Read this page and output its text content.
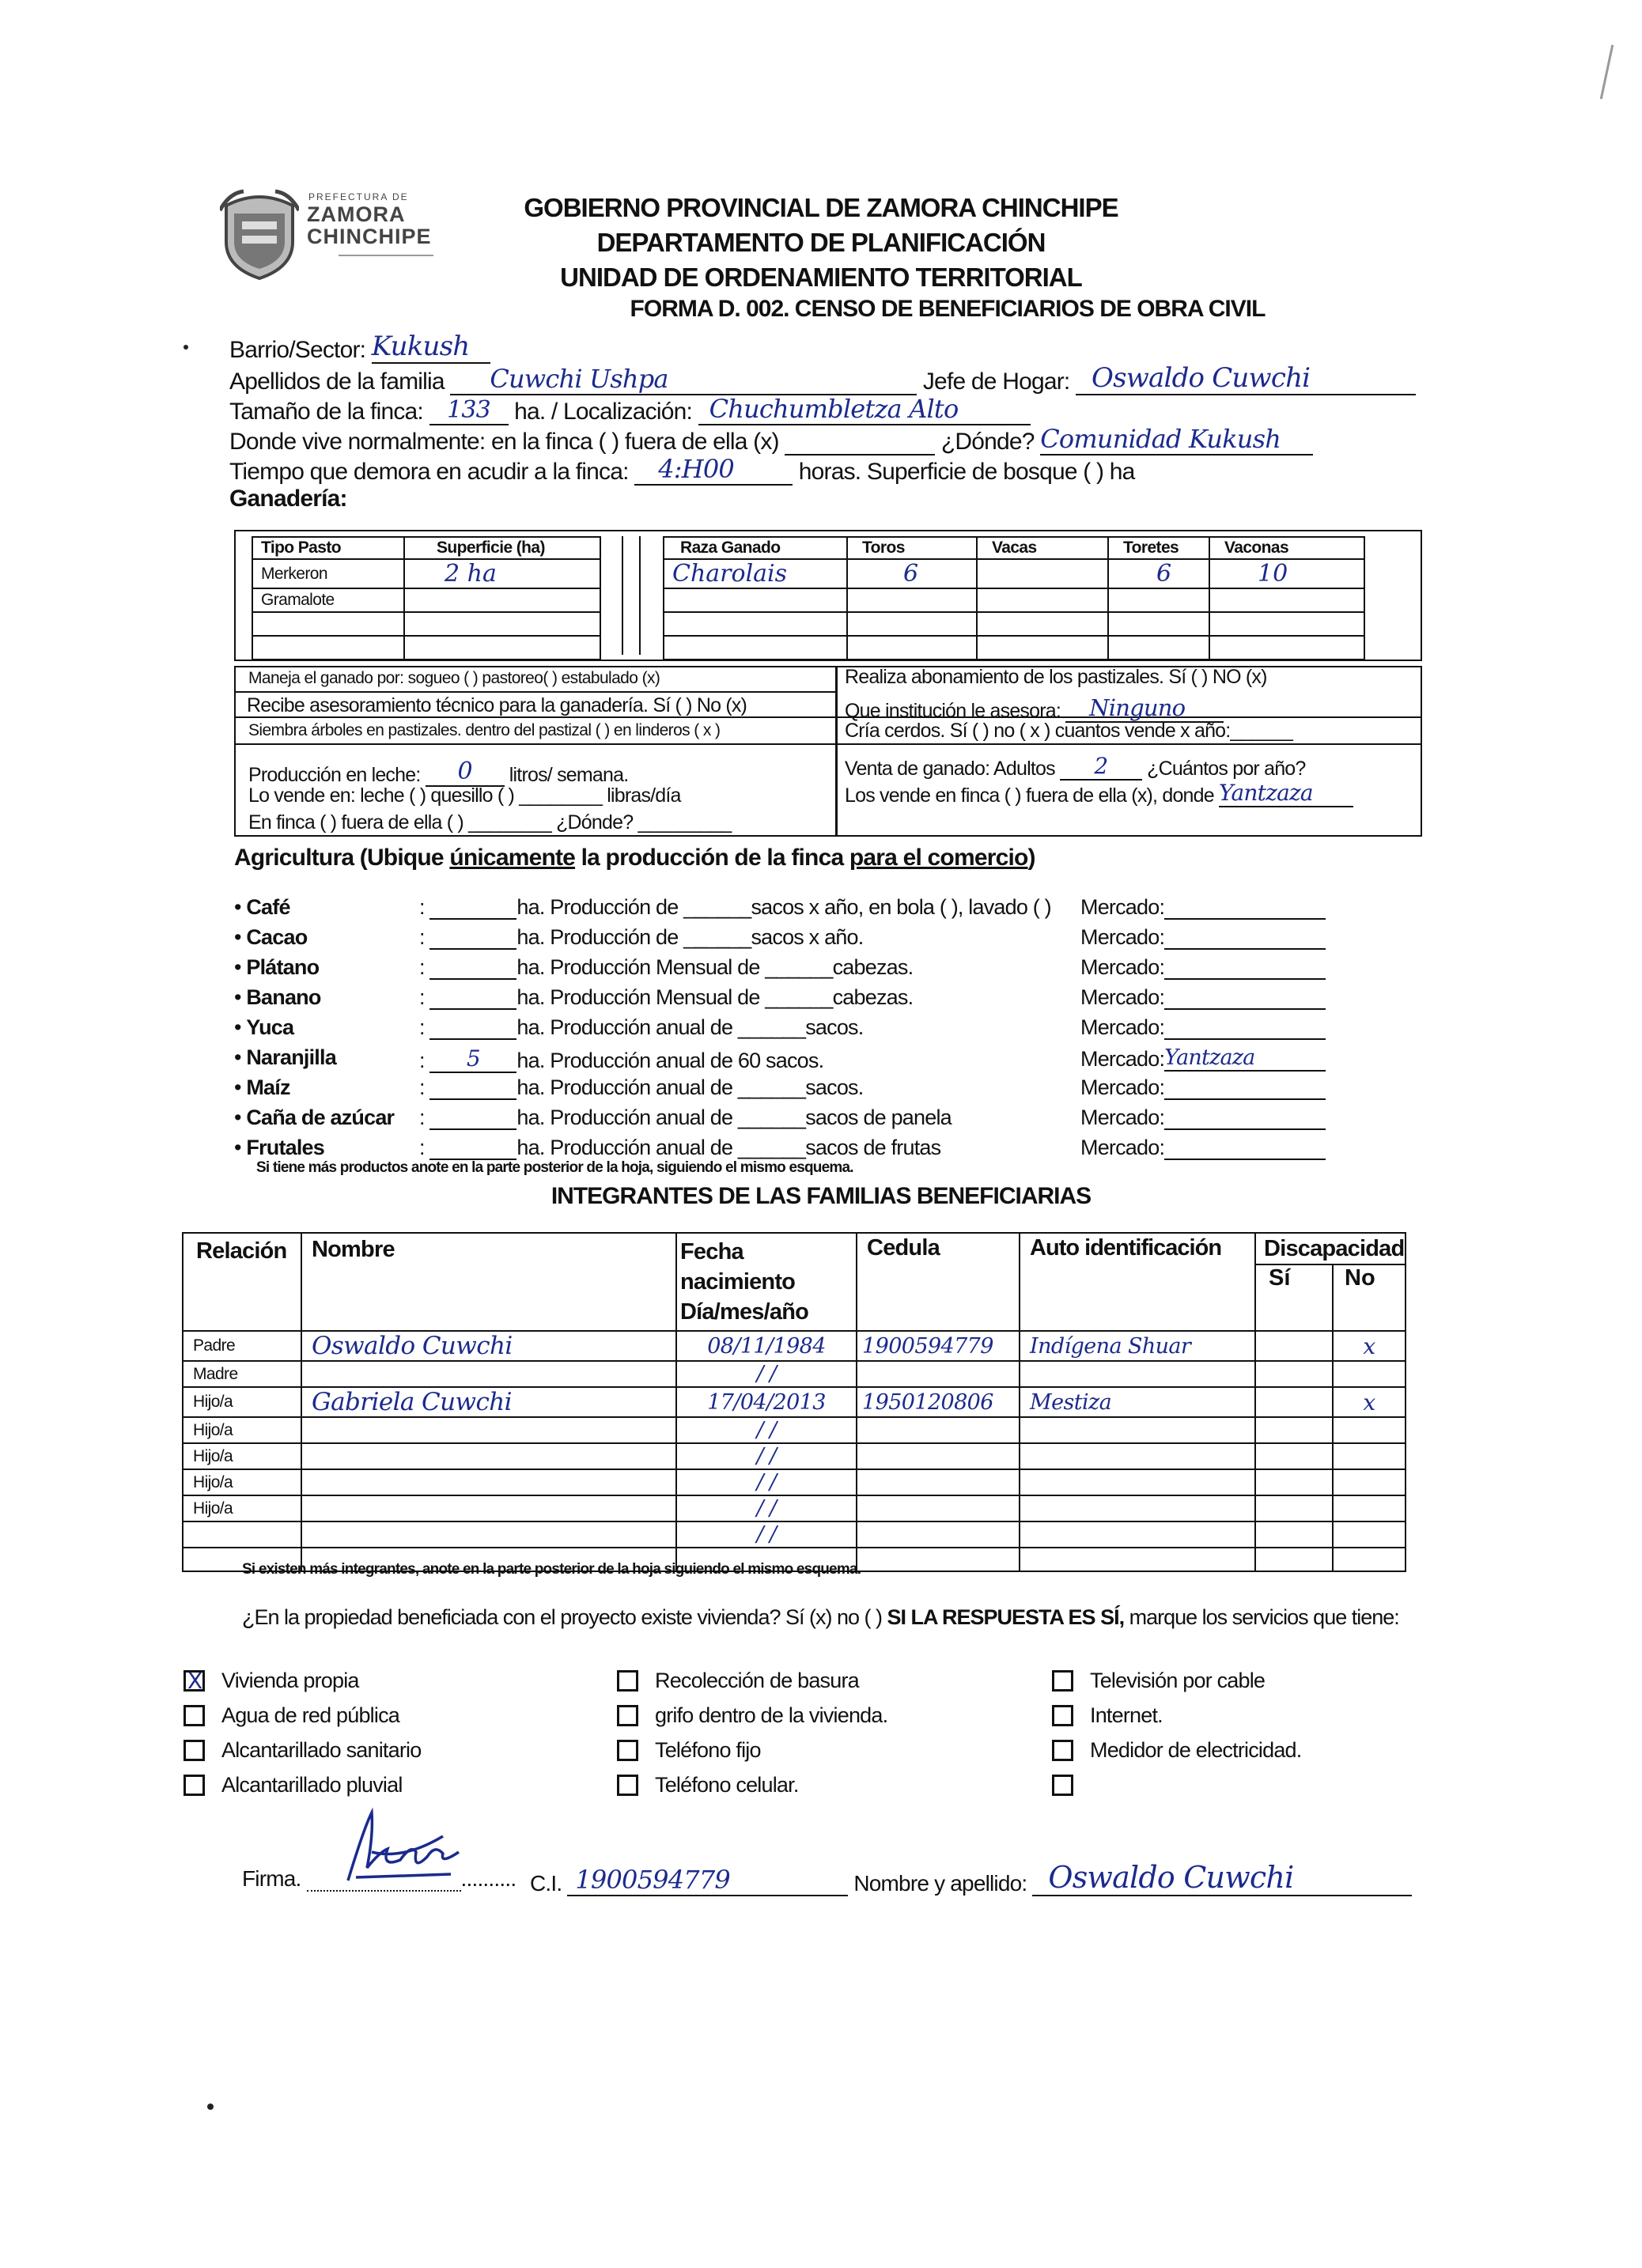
PREFECTURA DE
ZAMORA
CHINCHIPE
GOBIERNO PROVINCIAL DE ZAMORA CHINCHIPE
DEPARTAMENTO DE PLANIFICACIÓN
UNIDAD DE ORDENAMIENTO TERRITORIAL
FORMA D. 002. CENSO DE BENEFICIARIOS DE OBRA CIVIL
Barrio/Sector: Kukush
Apellidos de la familia Cuwchi Ushpa	Jefe de Hogar: Oswaldo Cuwchi
Tamaño de la finca: 133 ha. / Localización: Chuchumbletza Alto
Donde vive normalmente: en la finca ( ) fuera de ella (x)	¿Dónde? Comunidad Kukush
Tiempo que demora en acudir a la finca: 4:H00	horas. Superficie de bosque ( ) ha
Ganadería:
Tipo Pasto	Superficie (ha)
Merkeron	2 ha
Gramalote	

Raza Ganado	Toros	Vacas	Toretes	Vaconas
Charolais	6		6	10

Maneja el ganado por: sogueo ( ) pastoreo( ) estabulado (x)
Recibe asesoramiento técnico para la ganadería. Sí ( ) No (x)
Siembra árboles en pastizales. dentro del pastizal ( ) en linderos ( x )
Producción en leche: 0 litros/ semana.
Lo vende en: leche ( ) quesillo ( ) ________ libras/día
En finca ( ) fuera de ella ( ) ________ ¿Dónde? _________
Realiza abonamiento de los pastizales. Sí ( ) NO (x)
Que institución le asesora: Ninguno
Cría cerdos. Sí ( ) no ( x ) cuantos vende x año:______
Venta de ganado: Adultos 2 ¿Cuántos por año?
Los vende en finca ( ) fuera de ella (x), donde Yantzaza
Agricultura (Ubique únicamente la producción de la finca para el comercio)
• Café	:	ha. Producción de ______sacos x año, en bola ( ), lavado ( ) Mercado:
• Cacao	:	ha. Producción de ______sacos x año.	Mercado:
• Plátano	:	ha. Producción Mensual de ______cabezas.	Mercado:
• Banano	:	ha. Producción Mensual de ______cabezas.	Mercado:
• Yuca	:	ha. Producción anual de ______sacos.	Mercado:
• Naranjilla	: 5 ha. Producción anual de 60 sacos.	Mercado:Yantzaza
• Maíz	:	ha. Producción anual de ______sacos.	Mercado:
• Caña de azúcar :	ha. Producción anual de ______sacos de panela	Mercado:
• Frutales	:	ha. Producción anual de ______sacos de frutas	Mercado:
Si tiene más productos anote en la parte posterior de la hoja, siguiendo el mismo esquema.
INTEGRANTES DE LAS FAMILIAS BENEFICIARIAS
Relación	Nombre	Fecha nacimiento Día/mes/año	Cedula	Auto identificación	Discapacidad	
					Sí	No
Padre	Oswaldo Cuwchi	08/11/1984	1900594779	Indígena Shuar		x
Madre		/ /				
Hijo/a	Gabriela Cuwchi	17/04/2013	1950120806	Mestiza		x
Hijo/a		/ /				
Hijo/a		/ /				
Hijo/a		/ /				
Hijo/a		/ /				
		/ /				

Si existen más integrantes, anote en la parte posterior de la hoja siguiendo el mismo esquema.
¿En la propiedad beneficiada con el proyecto existe vivienda? Sí (x) no ( ) SI LA RESPUESTA ES SÍ, marque los servicios que tiene:
X Vivienda propia
Agua de red pública
Alcantarillado sanitario
Alcantarillado pluvial
Recolección de basura
grifo dentro de la vivienda.
Teléfono fijo
Teléfono celular.
Televisión por cable
Internet.
Medidor de electricidad.
Firma.	.......... C.I. 1900594779	Nombre y apellido: Oswaldo Cuwchi
